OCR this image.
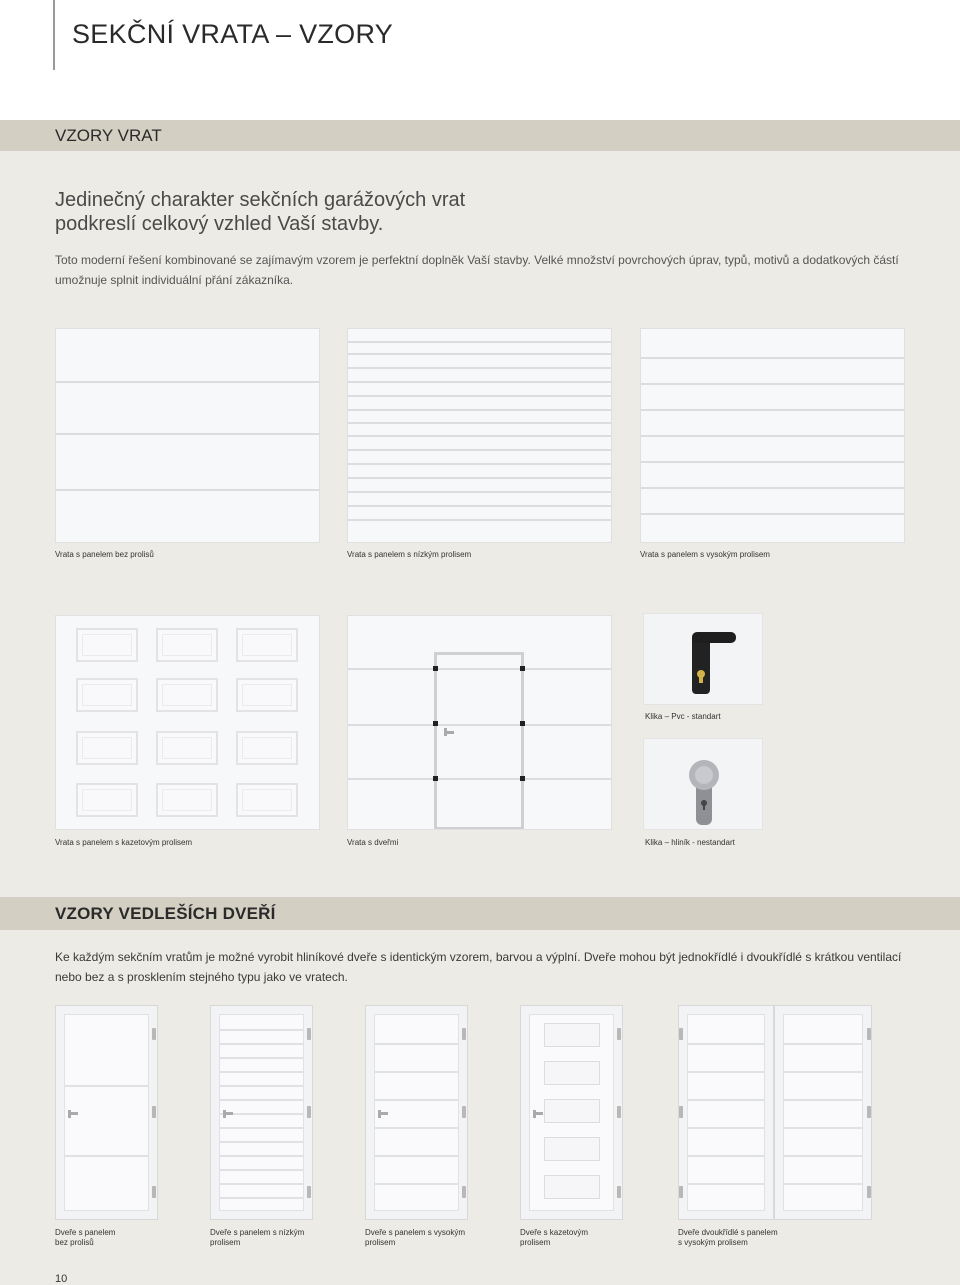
SEKČNÍ VRATA – VZORY
VZORY VRAT
Jedinečný charakter sekčních garážových vrat
podkreslí celkový vzhled Vaší stavby.

Toto moderní řešení kombinované se zajímavým vzorem je perfektní doplněk Vaší stavby. Velké množství povrchových úprav, typů, motivů a dodatkových částí umožnuje splnit individuální přání zákazníka.

Vrata s panelem bez prolisů	Vrata s panelem s nízkým prolisem	Vrata s panelem s vysokým prolisem
Vrata s panelem s kazetovým prolisem	Vrata s dveřmi
Klika – Pvc - standart
Klika – hliník - nestandart
VZORY VEDLEŠÍCH DVEŘÍ

Ke každým sekčním vratům je možné vyrobit hliníkové dveře s identickým vzorem, barvou a výplní. Dveře mohou být jednokřídlé i dvoukřídlé s krátkou ventilací nebo bez a s prosklením stejného typu jako ve vratech.

Dveře s panelem
bez prolisů
Dveře s panelem s nízkým
prolisem
Dveře s panelem s vysokým
prolisem
Dveře s kazetovým
prolisem
Dveře dvoukřídlé s panelem
s vysokým prolisem
10
